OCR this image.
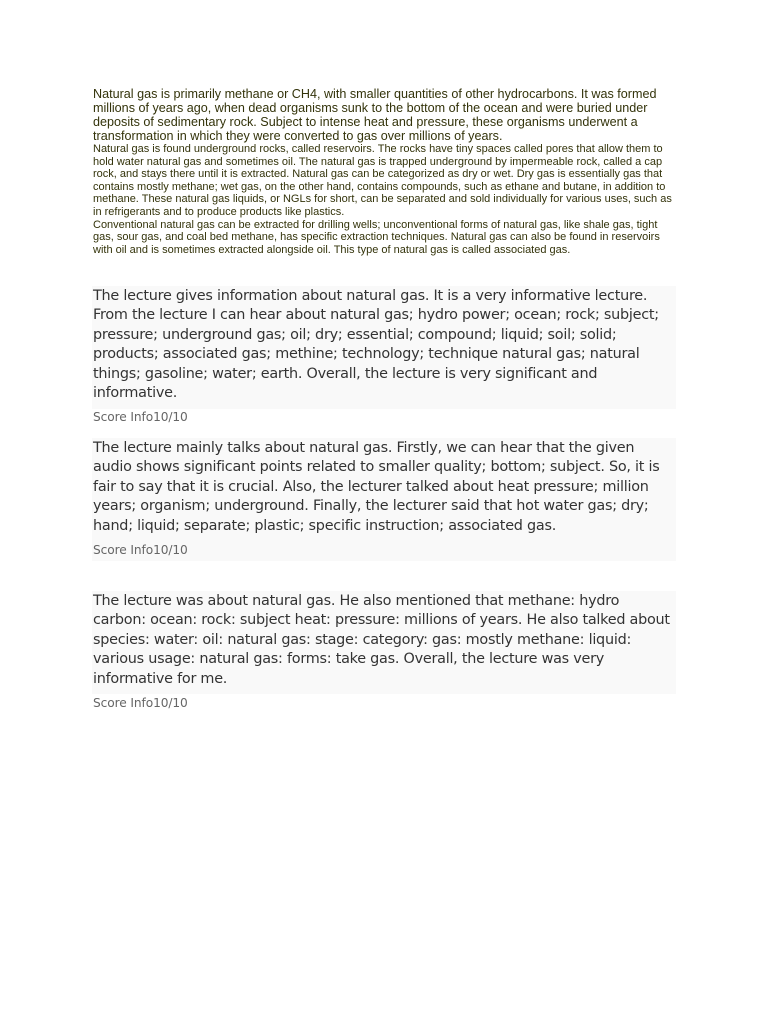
Natural gas is primarily methane or CH4, with smaller quantities of other hydrocarbons. It was formed millions of years ago, when dead organisms sunk to the bottom of the ocean and were buried under deposits of sedimentary rock. Subject to intense heat and pressure, these organisms underwent a transformation in which they were converted to gas over millions of years.

Natural gas is found underground rocks, called reservoirs. The rocks have tiny spaces called pores that allow them to hold water natural gas and sometimes oil. The natural gas is trapped underground by impermeable rock, called a cap rock, and stays there until it is extracted. Natural gas can be categorized as dry or wet. Dry gas is essentially gas that contains mostly methane; wet gas, on the other hand, contains compounds, such as ethane and butane, in addition to methane. These natural gas liquids, or NGLs for short, can be separated and sold individually for various uses, such as in refrigerants and to produce products like plastics.

Conventional natural gas can be extracted for drilling wells; unconventional forms of natural gas, like shale gas, tight gas, sour gas, and coal bed methane, has specific extraction techniques. Natural gas can also be found in reservoirs with oil and is sometimes extracted alongside oil. This type of natural gas is called associated gas.

The lecture gives information about natural gas. It is a very informative lecture. From the lecture I can hear about natural gas; hydro power; ocean; rock; subject; pressure; underground gas; oil; dry; essential; compound; liquid; soil; solid; products; associated gas; methine; technology; technique natural gas; natural things; gasoline; water; earth. Overall, the lecture is very significant and informative.

Score Info10/10

The lecture mainly talks about natural gas. Firstly, we can hear that the given audio shows significant points related to smaller quality; bottom; subject. So, it is fair to say that it is crucial. Also, the lecturer talked about heat pressure; million years; organism; underground. Finally, the lecturer said that hot water gas; dry; hand; liquid; separate; plastic; specific instruction; associated gas.

Score Info10/10

The lecture was about natural gas. He also mentioned that methane: hydro carbon: ocean: rock: subject heat: pressure: millions of years. He also talked about species: water: oil: natural gas: stage: category: gas: mostly methane: liquid: various usage: natural gas: forms: take gas. Overall, the lecture was very informative for me.

Score Info10/10
